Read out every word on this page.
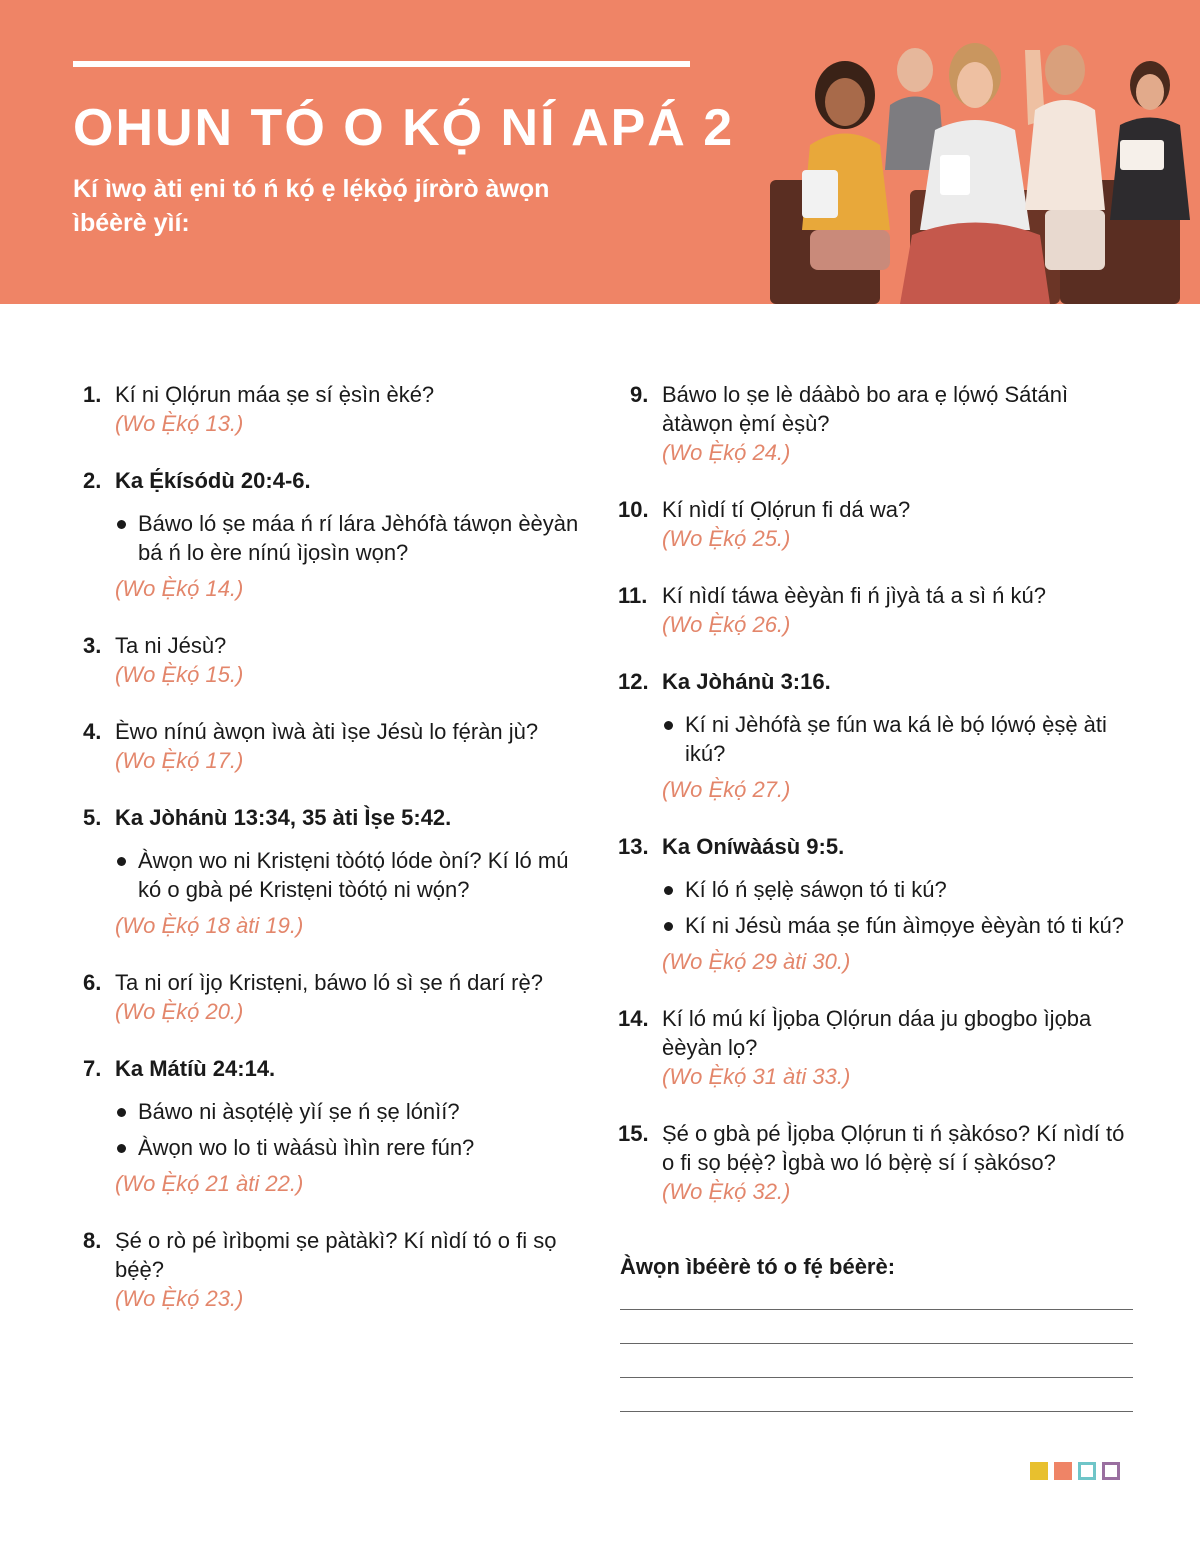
OHUN TÓ O KỌ́ NÍ APÁ 2

Kí ìwọ àti ẹni tó ń kọ́ ẹ lẹ́kọ̀ọ́ jíròrò àwọn ìbéèrè yìí:

1. Kí ni Ọlọ́run máa ṣe sí ẹ̀sìn èké?
(Wo Ẹ̀kọ́ 13.)
2. Ka Ẹ́kísódù 20:4-6.
Báwo ló ṣe máa ń rí lára Jèhófà táwọn èèyàn bá ń lo ère nínú ìjọsìn wọn?
(Wo Ẹ̀kọ́ 14.)
3. Ta ni Jésù?
(Wo Ẹ̀kọ́ 15.)
4. Èwo nínú àwọn ìwà àti ìṣe Jésù lo fẹ́ràn jù?
(Wo Ẹ̀kọ́ 17.)
5. Ka Jòhánù 13:34, 35 àti Ìṣe 5:42.
Àwọn wo ni Kristẹni tòótọ́ lóde òní? Kí ló mú kó o gbà pé Kristẹni tòótọ́ ni wọ́n?
(Wo Ẹ̀kọ́ 18 àti 19.)
6. Ta ni orí ìjọ Kristẹni, báwo ló sì ṣe ń darí rẹ̀?
(Wo Ẹ̀kọ́ 20.)
7. Ka Mátíù 24:14.
Báwo ni àsọtẹ́lẹ̀ yìí ṣe ń ṣẹ lónìí?
Àwọn wo lo ti wàásù ìhìn rere fún?
(Wo Ẹ̀kọ́ 21 àti 22.)
8. Ṣé o rò pé ìrìbọmi ṣe pàtàkì? Kí nìdí tó o fi sọ bẹ́ẹ̀?
(Wo Ẹ̀kọ́ 23.)
9. Báwo lo ṣe lè dáàbò bo ara ẹ lọ́wọ́ Sátánì àtàwọn ẹ̀mí èṣù?
(Wo Ẹ̀kọ́ 24.)
10. Kí nìdí tí Ọlọ́run fi dá wa?
(Wo Ẹ̀kọ́ 25.)
11. Kí nìdí táwa èèyàn fi ń jìyà tá a sì ń kú?
(Wo Ẹ̀kọ́ 26.)
12. Ka Jòhánù 3:16.
Kí ni Jèhófà ṣe fún wa ká lè bọ́ lọ́wọ́ ẹ̀ṣẹ̀ àti ikú?
(Wo Ẹ̀kọ́ 27.)
13. Ka Oníwàásù 9:5.
Kí ló ń ṣẹlẹ̀ sáwọn tó ti kú?
Kí ni Jésù máa ṣe fún àìmọye èèyàn tó ti kú?
(Wo Ẹ̀kọ́ 29 àti 30.)
14. Kí ló mú kí Ìjọba Ọlọ́run dáa ju gbogbo ìjọba èèyàn lọ?
(Wo Ẹ̀kọ́ 31 àti 33.)
15. Ṣé o gbà pé Ìjọba Ọlọ́run ti ń ṣàkóso? Kí nìdí tó o fi sọ bẹ́ẹ̀? Ìgbà wo ló bẹ̀rẹ̀ sí í ṣàkóso?
(Wo Ẹ̀kọ́ 32.)

Àwọn ìbéèrè tó o fẹ́ béèrè:
